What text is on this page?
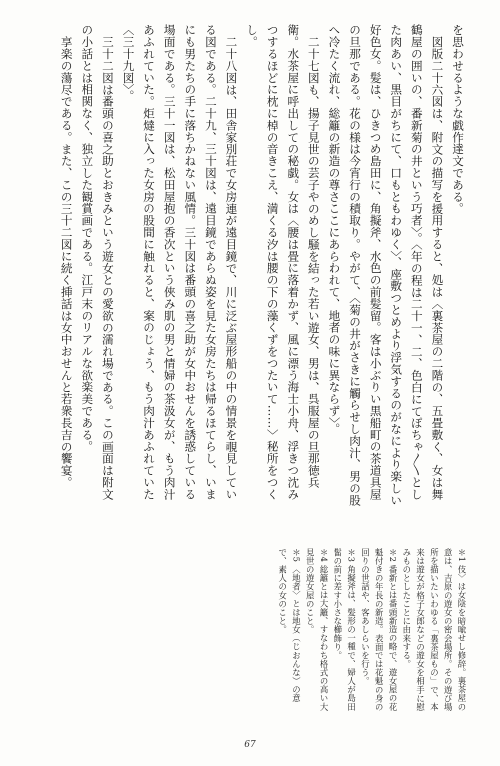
を思わせるような戯作達文である。

図版二十六図は、附文の描写を援用すると、処は〈裏茶屋の二階の、五畳敷く、女は舞鶴屋の囲いの、番新菊の井という巧者〉。〈年の程は二十一、二、色白にてぽちゃ〳〵とした肉あい、黒目がちにて、口もともわゆく〉、座敷つとめより浮気するのがなにより楽しい好色女。髪は、ひきつめ島田に、角擬斧、水色の前髪留。客は小ぶりい黒船町の茶道具屋の旦那である。花の様は今宵行の積取り。やがて、〈菊の井がさきに觸らせし肉汁、男の股へ冷たく流れ、総籬の新造の尊さここにあらわれて、地者の味に異ならず〉。

二十七図も、揚子見世の芸子やのめし騒を結った若い遊女、男は、呉服屋の旦那徳兵衛。水茶屋に呼出しての秘戯。女は〈腰は畳に落着かず、風に漂う海士小舟、浮きつ沈みつするほどに枕に棹の音きこえ、満くる汐は腰の下の藻くずをつたいて……〉秘所をつくし。

二十八図は、田舎家別荘で女房連が遠目鏡で、川に泛ぶ屋形船の中の情景を覗見している図である。二十九、三十図は、遠目鏡であらぬ姿を見た女房たちは帰るほてらし、いまにも男たちの手に落ちかねない風情。三十図は番頭の喜之助が女中おせんを誘惑している場面である。三十一図は、松田屋抱の香次という俠み肌の男と情婦の茶汲女が、もう肉汁あふれていた。炬燵に入った女房の股間に触れると、案のじょう、もう肉汁あふれていた〈三十九図〉。

三十二図は番頭の喜之助とおきみという遊女との愛欲の濡れ場である。この画面は附文の小話とは相関なく、独立した観賞画である。江戸末のリアルな欲楽美である。

享楽の蕩尽である。また、この三十二図に続く挿話は女中おせんと若衆長吉の饗宴。

＊1 伎〉は女陰を暗喩せし修辞。裏茶屋の意は、吉原の遊女の密会場所。その遊び場所を描いたいわゆる「裏茶屋もの」で、本来は遊女が格子女郎などの遊女を相手に慰みものとしたことに由来する。

＊2 番新とは番頭新造の略で、遊女屋の花魁付きの年長の新造。表面では花魁の身の回りの世話や、客あしらいを行う。

＊3 角擬斧は、髪形の一種で、婦人が島田髷の前に差す小さな櫛飾り。

＊4 総籬とは大籬、すなわち格式の高い大見世の遊女屋のこと。

＊5 〈地者〉とは地女（じおんな）の意で、素人の女のこと。

67
